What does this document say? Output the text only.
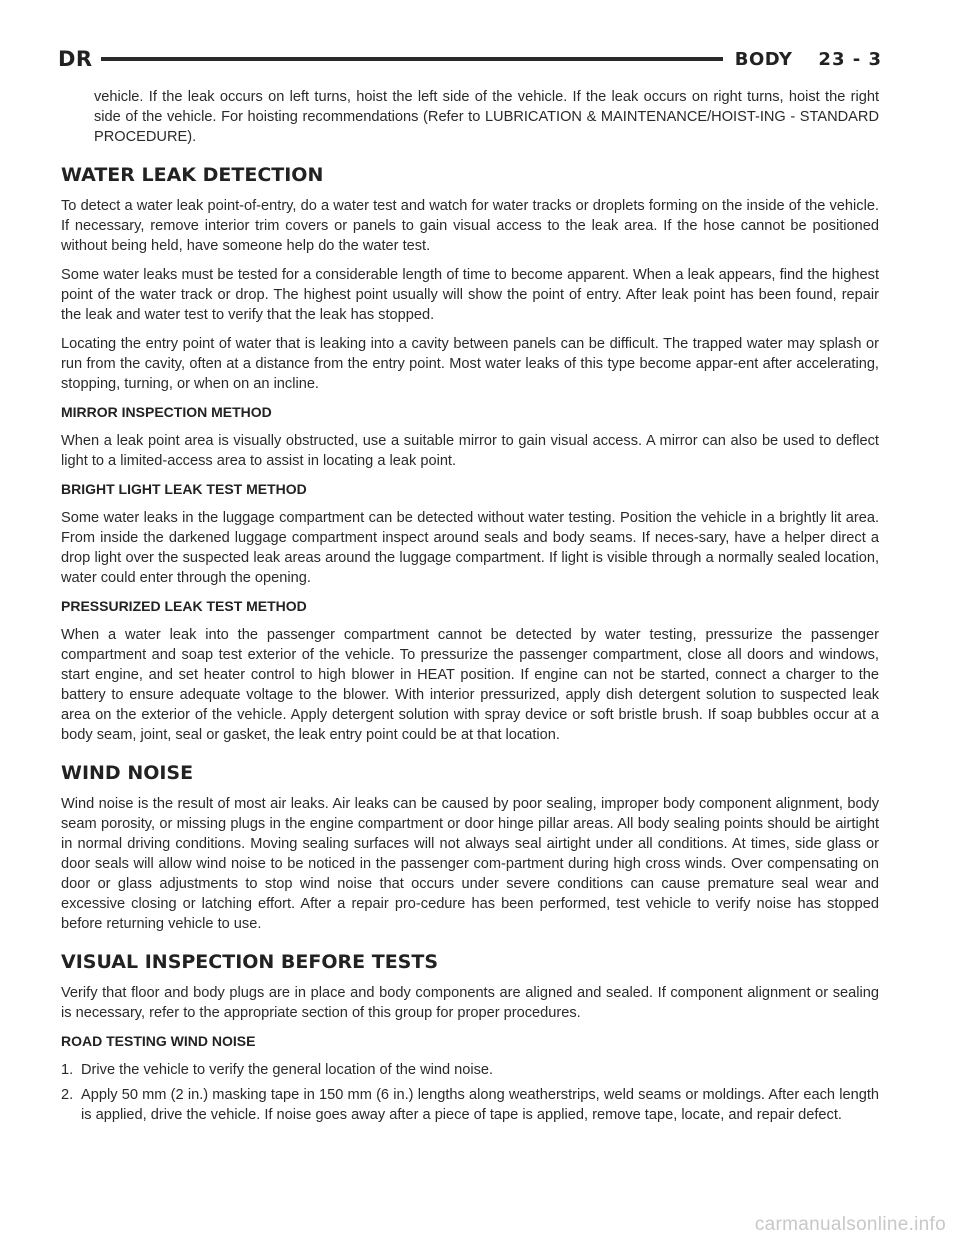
DR	BODY 23 - 3

vehicle. If the leak occurs on left turns, hoist the left side of the vehicle. If the leak occurs on right turns, hoist the right side of the vehicle. For hoisting recommendations (Refer to LUBRICATION & MAINTENANCE/HOIST-ING - STANDARD PROCEDURE).

WATER LEAK DETECTION

To detect a water leak point-of-entry, do a water test and watch for water tracks or droplets forming on the inside of the vehicle. If necessary, remove interior trim covers or panels to gain visual access to the leak area. If the hose cannot be positioned without being held, have someone help do the water test.

Some water leaks must be tested for a considerable length of time to become apparent. When a leak appears, find the highest point of the water track or drop. The highest point usually will show the point of entry. After leak point has been found, repair the leak and water test to verify that the leak has stopped.

Locating the entry point of water that is leaking into a cavity between panels can be difficult. The trapped water may splash or run from the cavity, often at a distance from the entry point. Most water leaks of this type become appar-ent after accelerating, stopping, turning, or when on an incline.

MIRROR INSPECTION METHOD

When a leak point area is visually obstructed, use a suitable mirror to gain visual access. A mirror can also be used to deflect light to a limited-access area to assist in locating a leak point.

BRIGHT LIGHT LEAK TEST METHOD

Some water leaks in the luggage compartment can be detected without water testing. Position the vehicle in a brightly lit area. From inside the darkened luggage compartment inspect around seals and body seams. If neces-sary, have a helper direct a drop light over the suspected leak areas around the luggage compartment. If light is visible through a normally sealed location, water could enter through the opening.

PRESSURIZED LEAK TEST METHOD

When a water leak into the passenger compartment cannot be detected by water testing, pressurize the passenger compartment and soap test exterior of the vehicle. To pressurize the passenger compartment, close all doors and windows, start engine, and set heater control to high blower in HEAT position. If engine can not be started, connect a charger to the battery to ensure adequate voltage to the blower. With interior pressurized, apply dish detergent solution to suspected leak area on the exterior of the vehicle. Apply detergent solution with spray device or soft bristle brush. If soap bubbles occur at a body seam, joint, seal or gasket, the leak entry point could be at that location.

WIND NOISE

Wind noise is the result of most air leaks. Air leaks can be caused by poor sealing, improper body component alignment, body seam porosity, or missing plugs in the engine compartment or door hinge pillar areas. All body sealing points should be airtight in normal driving conditions. Moving sealing surfaces will not always seal airtight under all conditions. At times, side glass or door seals will allow wind noise to be noticed in the passenger com-partment during high cross winds. Over compensating on door or glass adjustments to stop wind noise that occurs under severe conditions can cause premature seal wear and excessive closing or latching effort. After a repair pro-cedure has been performed, test vehicle to verify noise has stopped before returning vehicle to use.

VISUAL INSPECTION BEFORE TESTS

Verify that floor and body plugs are in place and body components are aligned and sealed. If component alignment or sealing is necessary, refer to the appropriate section of this group for proper procedures.

ROAD TESTING WIND NOISE
1. Drive the vehicle to verify the general location of the wind noise.
2. Apply 50 mm (2 in.) masking tape in 150 mm (6 in.) lengths along weatherstrips, weld seams or moldings. After each length is applied, drive the vehicle. If noise goes away after a piece of tape is applied, remove tape, locate, and repair defect.
carmanualsonline.info
